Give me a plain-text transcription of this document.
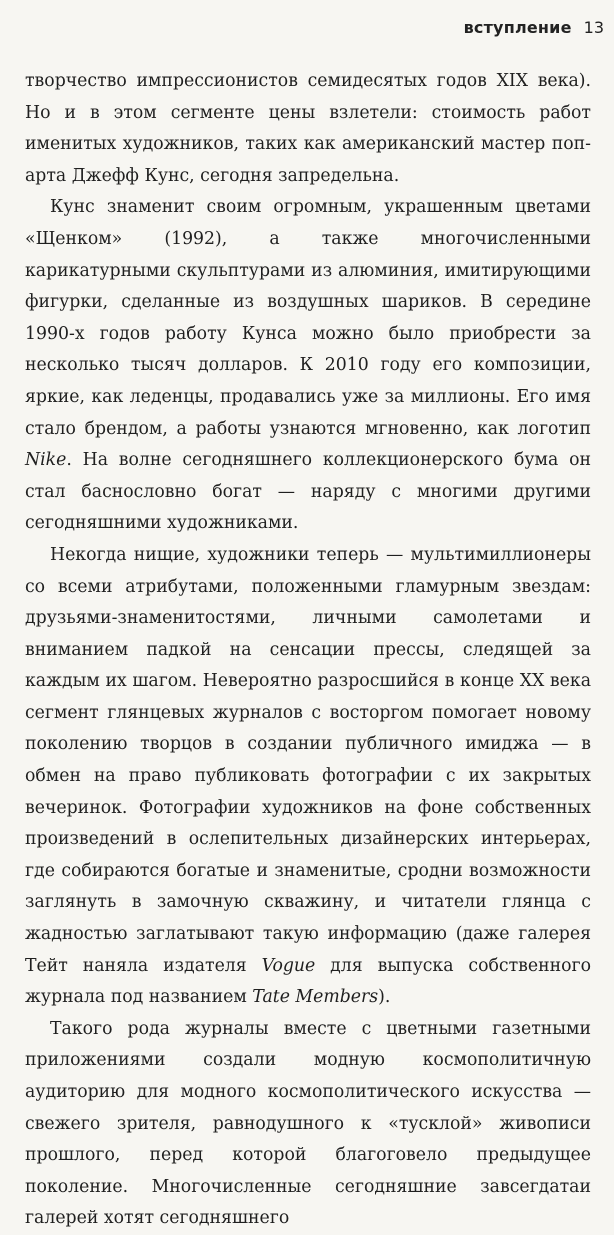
вступление 13

творчество импрессионистов семидесятых годов XIX века). Но и в этом сегменте цены взлетели: стоимость работ именитых художников, таких как американский мастер поп-арта Джефф Кунс, сегодня запредельна.

Кунс знаменит своим огромным, украшенным цветами «Щенком» (1992), а также многочисленными карикатурными скульптурами из алюминия, имитирующими фигурки, сделанные из воздушных шариков. В середине 1990-х годов работу Кунса можно было приобрести за несколько тысяч долларов. К 2010 году его композиции, яркие, как леденцы, продавались уже за миллионы. Его имя стало брендом, а работы узнаются мгновенно, как логотип Nike. На волне сегодняшнего коллекционерского бума он стал баснословно богат — наряду с многими другими сегодняшними художниками.

Некогда нищие, художники теперь — мультимиллионеры со всеми атрибутами, положенными гламурным звездам: друзьями-знаменитостями, личными самолетами и вниманием падкой на сенсации прессы, следящей за каждым их шагом. Невероятно разросшийся в конце XX века сегмент глянцевых журналов с восторгом помогает новому поколению творцов в создании публичного имиджа — в обмен на право публиковать фотографии с их закрытых вечеринок. Фотографии художников на фоне собственных произведений в ослепительных дизайнерских интерьерах, где собираются богатые и знаменитые, сродни возможности заглянуть в замочную скважину, и читатели глянца с жадностью заглатывают такую информацию (даже галерея Тейт наняла издателя Vogue для выпуска собственного журнала под названием Tate Members).

Такого рода журналы вместе с цветными газетными приложениями создали модную космополитичную аудиторию для модного космополитического искусства — свежего зрителя, равнодушного к «тусклой» живописи прошлого, перед которой благоговело предыдущее поколение. Многочисленные сегодняшние завсегдатаи галерей хотят сегодняшнего
